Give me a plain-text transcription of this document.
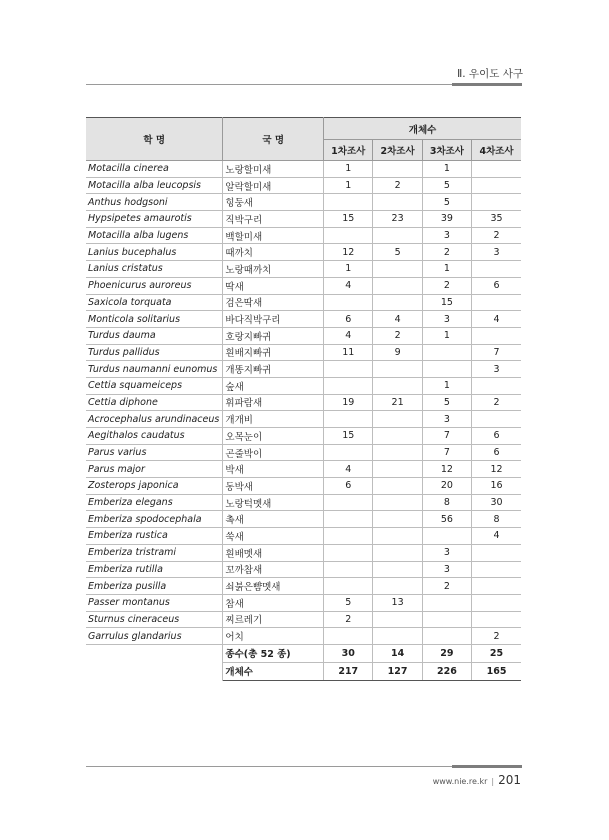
Ⅱ. 우이도 사구
학 명	국 명	개체수			
		1차조사	2차조사	3차조사	4차조사
Motacilla cinerea	노랑할미새	1		1	
Motacilla alba leucopsis	알락할미새	1	2	5	
Anthus hodgsoni	힝둥새			5	
Hypsipetes amaurotis	직박구리	15	23	39	35
Motacilla alba lugens	백할미새			3	2
Lanius bucephalus	때까치	12	5	2	3
Lanius cristatus	노랑때까치	1		1	
Phoenicurus auroreus	딱새	4		2	6
Saxicola torquata	검은딱새			15	
Monticola solitarius	바다직박구리	6	4	3	4
Turdus dauma	호랑지빠귀	4	2	1	
Turdus pallidus	흰배지빠귀	11	9		7
Turdus naumanni eunomus	개똥지빠귀				3
Cettia squameiceps	숲새			1	
Cettia diphone	휘파람새	19	21	5	2
Acrocephalus arundinaceus	개개비			3	
Aegithalos caudatus	오목눈이	15		7	6
Parus varius	곤줄박이			7	6
Parus major	박새	4		12	12
Zosterops japonica	동박새	6		20	16
Emberiza elegans	노랑턱멧새			8	30
Emberiza spodocephala	촉새			56	8
Emberiza rustica	쑥새				4
Emberiza tristrami	흰배멧새			3	
Emberiza rutilla	꼬까참새			3	
Emberiza pusilla	쇠붉은뺨멧새			2	
Passer montanus	참새	5	13		
Sturnus cineraceus	찌르레기	2			
Garrulus glandarius	어치				2
	종수(총 52 종)	30	14	29	25
	개체수	217	127	226	165
www.nie.re.kr | 201
